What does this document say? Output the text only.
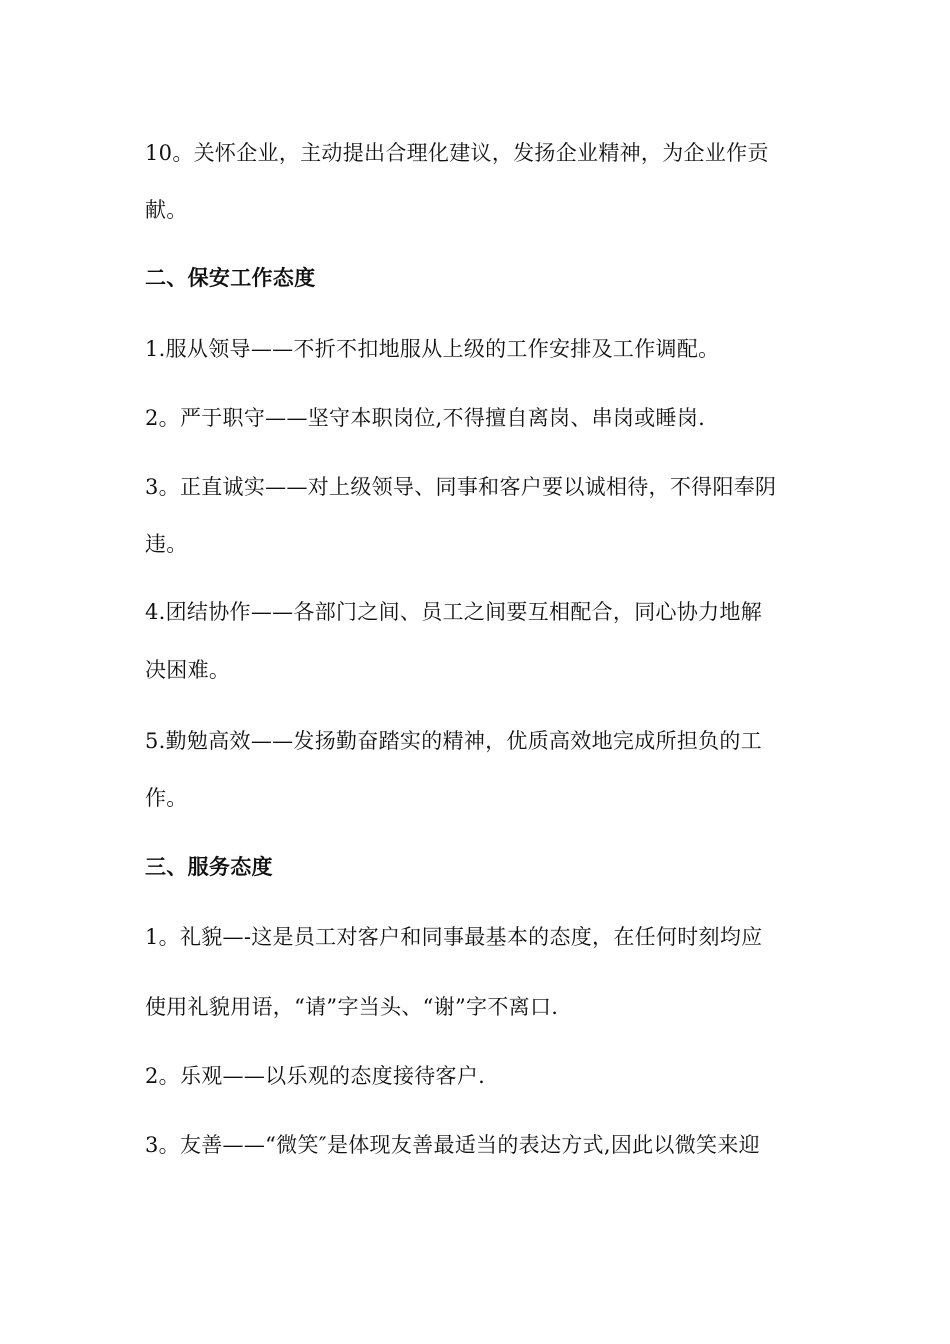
10。关怀企业，主动提出合理化建议，发扬企业精神，为企业作贡
献。
二、保安工作态度
1.服从领导——不折不扣地服从上级的工作安排及工作调配。
2。严于职守——坚守本职岗位,不得擅自离岗、串岗或睡岗.
3。正直诚实——对上级领导、同事和客户要以诚相待，不得阳奉阴
违。
4.团结协作——各部门之间、员工之间要互相配合，同心协力地解
决困难。
5.勤勉高效——发扬勤奋踏实的精神，优质高效地完成所担负的工
作。
三、服务态度
1。礼貌—-这是员工对客户和同事最基本的态度，在任何时刻均应
使用礼貌用语，“请”字当头、“谢”字不离口.
2。乐观——以乐观的态度接待客户.
3。友善——“微笑″是体现友善最适当的表达方式,因此以微笑来迎
